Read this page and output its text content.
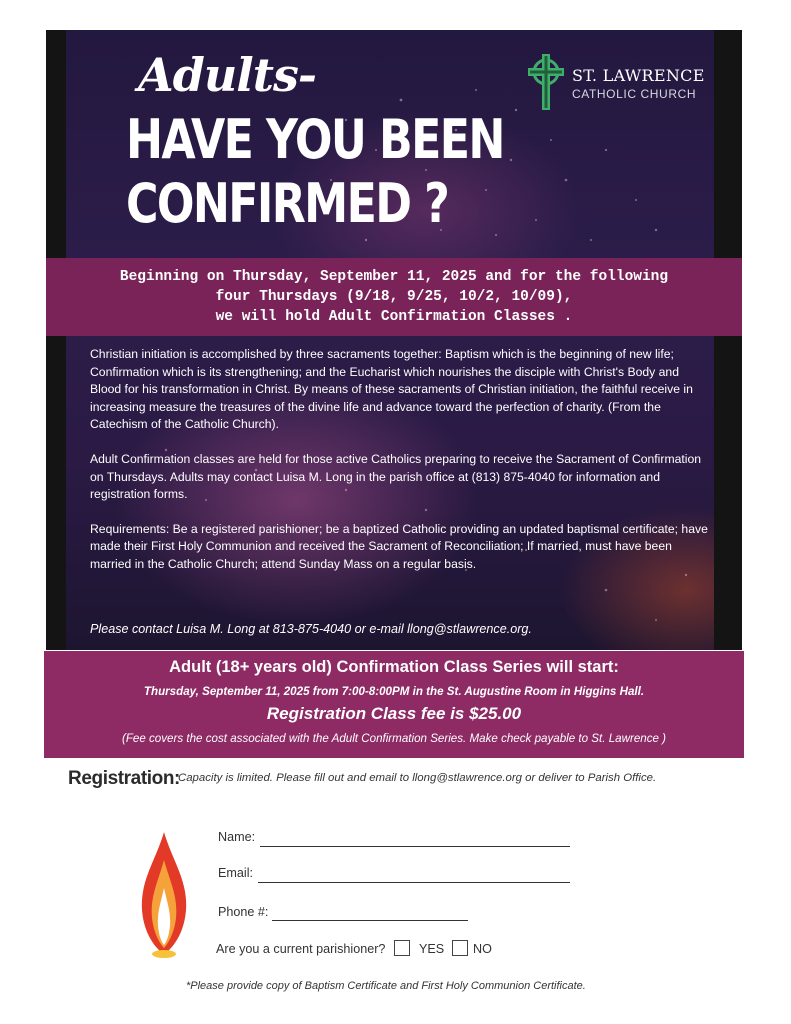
Adults-
HAVE YOU BEEN
CONFIRMED ?
ST. LAWRENCE
CATHOLIC CHURCH
Beginning on Thursday, September 11, 2025 and for the following
four Thursdays (9/18, 9/25, 10/2, 10/09),
we will hold Adult Confirmation Classes .

Christian initiation is accomplished by three sacraments together: Baptism which is the beginning of new life; Confirmation which is its strengthening; and the Eucharist which nourishes the disciple with Christ's Body and Blood for his transformation in Christ. By means of these sacraments of Christian initiation, the faithful receive in increasing measure the treasures of the divine life and advance toward the perfection of charity. (From the Catechism of the Catholic Church).

Adult Confirmation classes are held for those active Catholics preparing to receive the Sacrament of Confirmation on Thursdays. Adults may contact Luisa M. Long in the parish office at (813) 875-4040 for information and registration forms.

Requirements: Be a registered parishioner; be a baptized Catholic providing an updated baptismal certificate; have made their First Holy Communion and received the Sacrament of Reconciliation; If married, must have been married in the Catholic Church; attend Sunday Mass on a regular basis.

Please contact Luisa M. Long at 813-875-4040 or e-mail llong@stlawrence.org.
Adult (18+ years old) Confirmation Class Series will start:
Thursday, September 11, 2025 from 7:00-8:00PM in the St. Augustine Room in Higgins Hall.
Registration Class fee is $25.00
(Fee covers the cost associated with the Adult Confirmation Series. Make check payable to St. Lawrence )
Registration:
Capacity is limited. Please fill out and email to llong@stlawrence.org or deliver to Parish Office.
Name:
Email:
Phone #:
Are you a current parishioner?	YES NO
*Please provide copy of Baptism Certificate and First Holy Communion Certificate.
